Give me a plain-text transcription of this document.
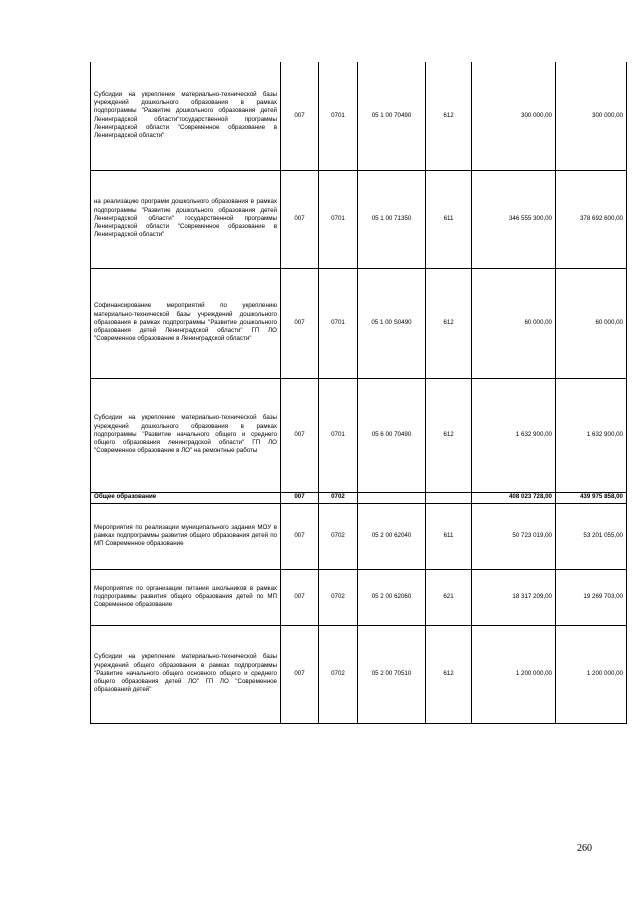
Субсидии на укрепление материально-технической базы учреждений дошкольного образования в рамках подпрограммы "Развитие дошкольного образования детей Ленинградской области"государственной программы Ленинградской области "Современное образование в Ленинградской области"	007	0701	05 1 00 70490	612	300 000,00	300 000,00
на реализацию программ дошкольного образования в рамках подпрограммы "Развитие дошкольного образования детей Ленинградской области" государственной программы Ленинградской области "Современное образование в Ленинградской области"	007	0701	05 1 00 71350	611	346 555 300,00	378 692 600,00
Софинансирование мероприятий по укреплению материально-технической базы учреждений дошкольного образования в рамках подпрограммы "Развитие дошкольного образования детей Ленинградской области" ГП ЛО "Современное образование в Ленинградской области"	007	0701	05 1 00 S0490	612	60 000,00	60 000,00
Субсидии на укрепление материально-технической базы учреждений дошкольного образования в рамках подпрограммы "Развитие начального общего и среднего общего образования ленинградской области" ГП ЛО "Современное образование в ЛО" на ремонтные работы	007	0701	05 6 00 70490	612	1 632 900,00	1 632 900,00
Общее образование	007	0702			408 023 728,00	439 975 858,00
Мероприятия по реализации муниципального задания МОУ в рамках подпрограммы развития общего образования детей по МП Современное образование	007	0702	05 2 00 62040	611	50 723 019,00	53 201 055,00
Мероприятия по организации питания школьников в рамках подпрограммы развития общего образования детей по МП Современное образование	007	0702	05 2 00 62060	621	18 317 209,00	19 269 703,00
Субсидии на укрепление материально-технической базы учреждений общего образования в рамках подпрограммы "Развитие начального общего основного общего и среднего общего образования детей ЛО" ГП ЛО "Современное образований детей"	007	0702	05 2 00 70510	612	1 200 000,00	1 200 000,00
260
